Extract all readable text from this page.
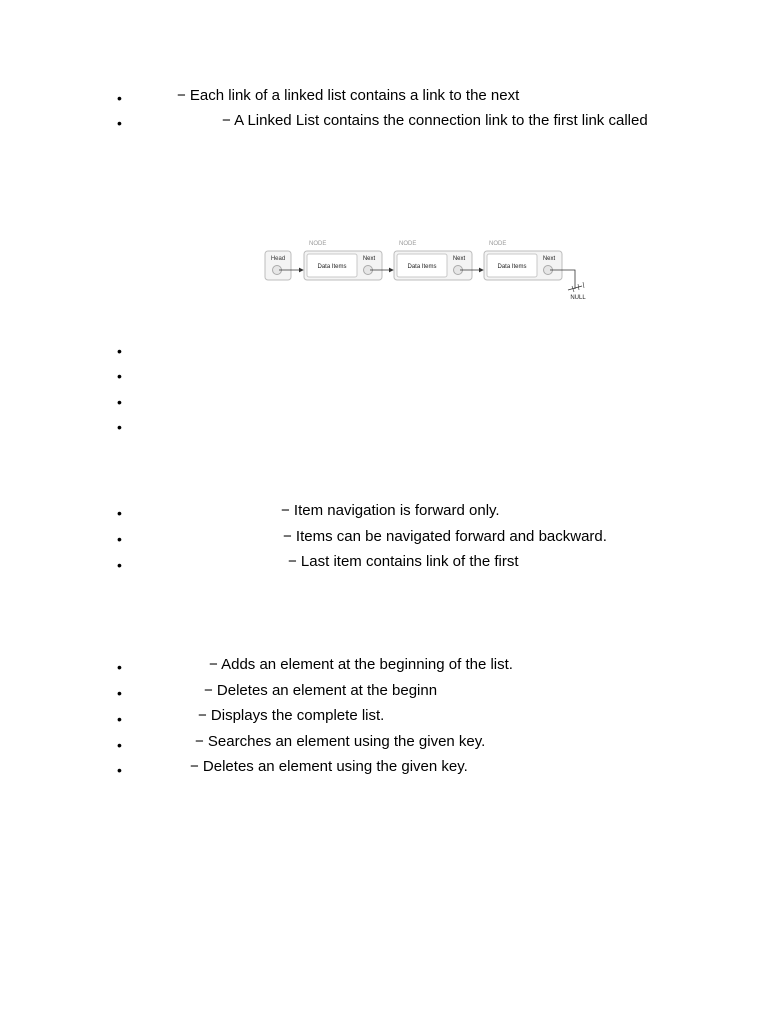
•	− Each link of a linked list contains a link to the next
•	− A Linked List contains the connection link to the first link called
Head
NODE
Data Items
Next
NODE
Data Items
Next
NODE
Data Items
Next
NULL
•
•
•
•
•	− Item navigation is forward only.
•	− Items can be navigated forward and backward.
•	− Last item contains link of the first
•	− Adds an element at the beginning of the list.
•	− Deletes an element at the beginn
•	− Displays the complete list.
•	− Searches an element using the given key.
•	− Deletes an element using the given key.
